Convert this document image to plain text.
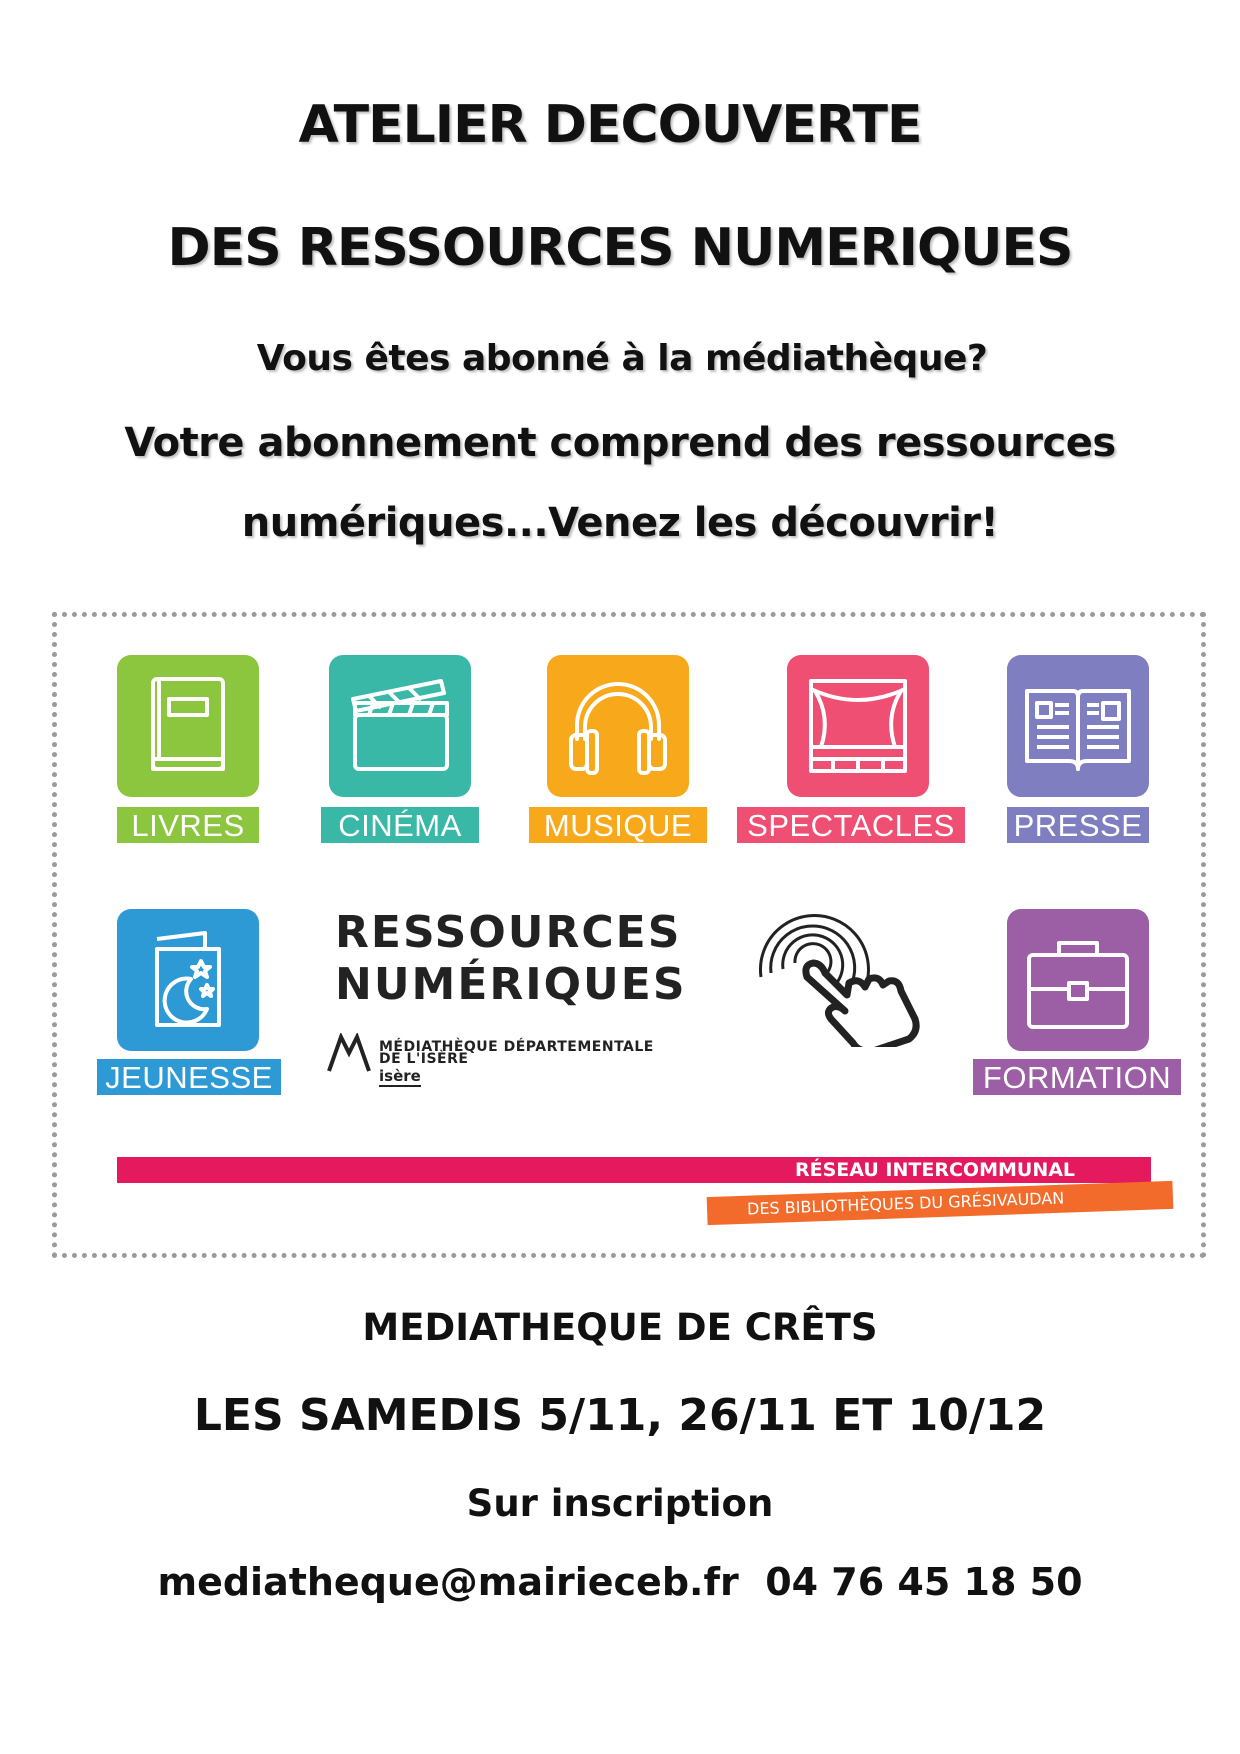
ATELIER DECOUVERTE
DES RESSOURCES NUMERIQUES
Vous êtes abonné à la médiathèque?
Votre abonnement comprend des ressources
numériques...Venez les découvrir!
LIVRES	CINÉMA	MUSIQUE	SPECTACLES	PRESSE
JEUNESSE
RESSOURCES
NUMÉRIQUES
MÉDIATHÈQUE DÉPARTEMENTALE
DE L'ISÈRE
isère	FORMATION
RÉSEAU INTERCOMMUNAL
DES BIBLIOTHÈQUES DU GRÉSIVAUDAN
MEDIATHEQUE DE CRÊTS
LES SAMEDIS 5/11, 26/11 ET 10/12
Sur inscription
mediatheque@mairieceb.fr  04 76 45 18 50
